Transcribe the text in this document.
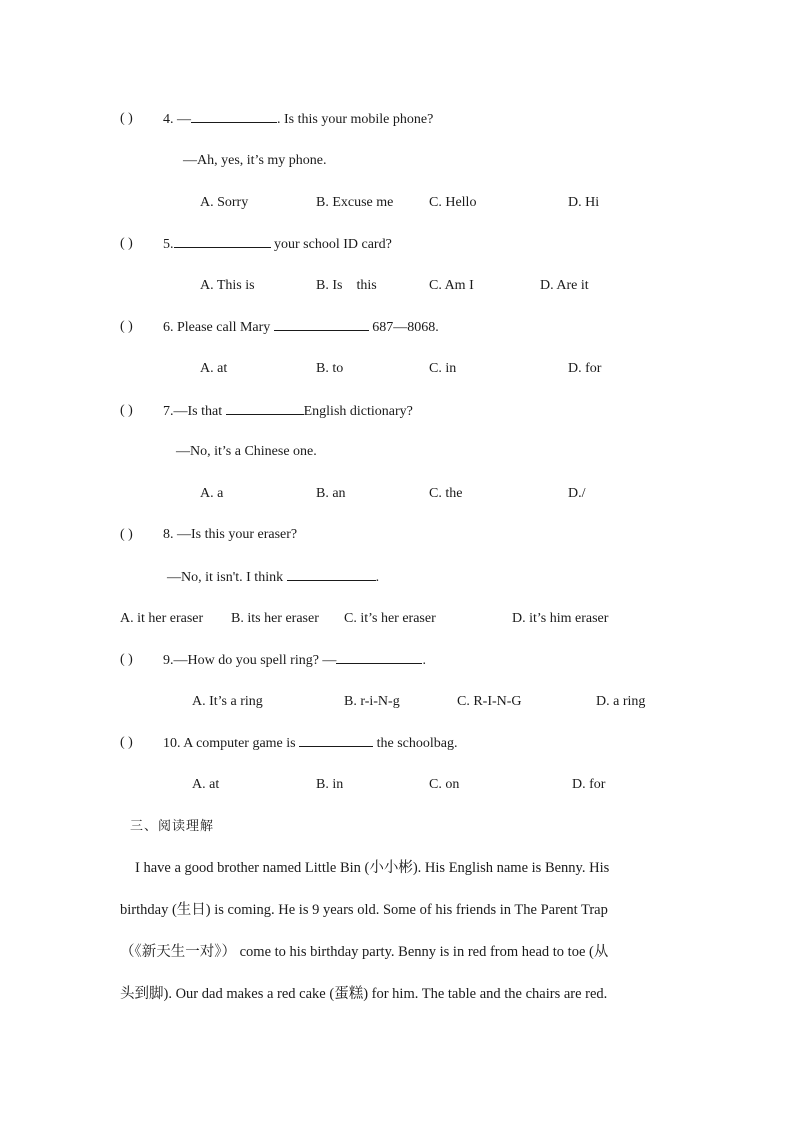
( ) 4. —	. Is this your mobile phone?
—Ah, yes, it’s my phone.
A. Sorry	B. Excuse me	C. Hello	D. Hi
( ) 5.	your school ID card?
A. This is	B. Is    this	C. Am I	D. Are it
( ) 6. Please call Mary	687—8068.
A. at	B. to	C. in	D. for
( ) 7.—Is that	English dictionary?
—No, it’s a Chinese one.
A. a	B. an	C. the	D./
( ) 8. —Is this your eraser?
—No, it isn't. I think	.
A. it her eraser B. its her eraser C. it’s her eraser	D. it’s him eraser
( ) 9.—How do you spell ring? —	.
A. It’s a ring	B. r-i-N-g	C. R-I-N-G	D. a ring
( ) 10. A computer game is	the schoolbag.
A. at	B. in	C. on	D. for
三、阅读理解
I have a good brother named Little Bin (小小彬). His English name is Benny. His
birthday (生日) is coming. He is 9 years old. Some of his friends in The Parent Trap
（《新天生一对》） come to his birthday party. Benny is in red from head to toe (从
头到脚). Our dad makes a red cake (蛋糕) for him. The table and the chairs are red.
